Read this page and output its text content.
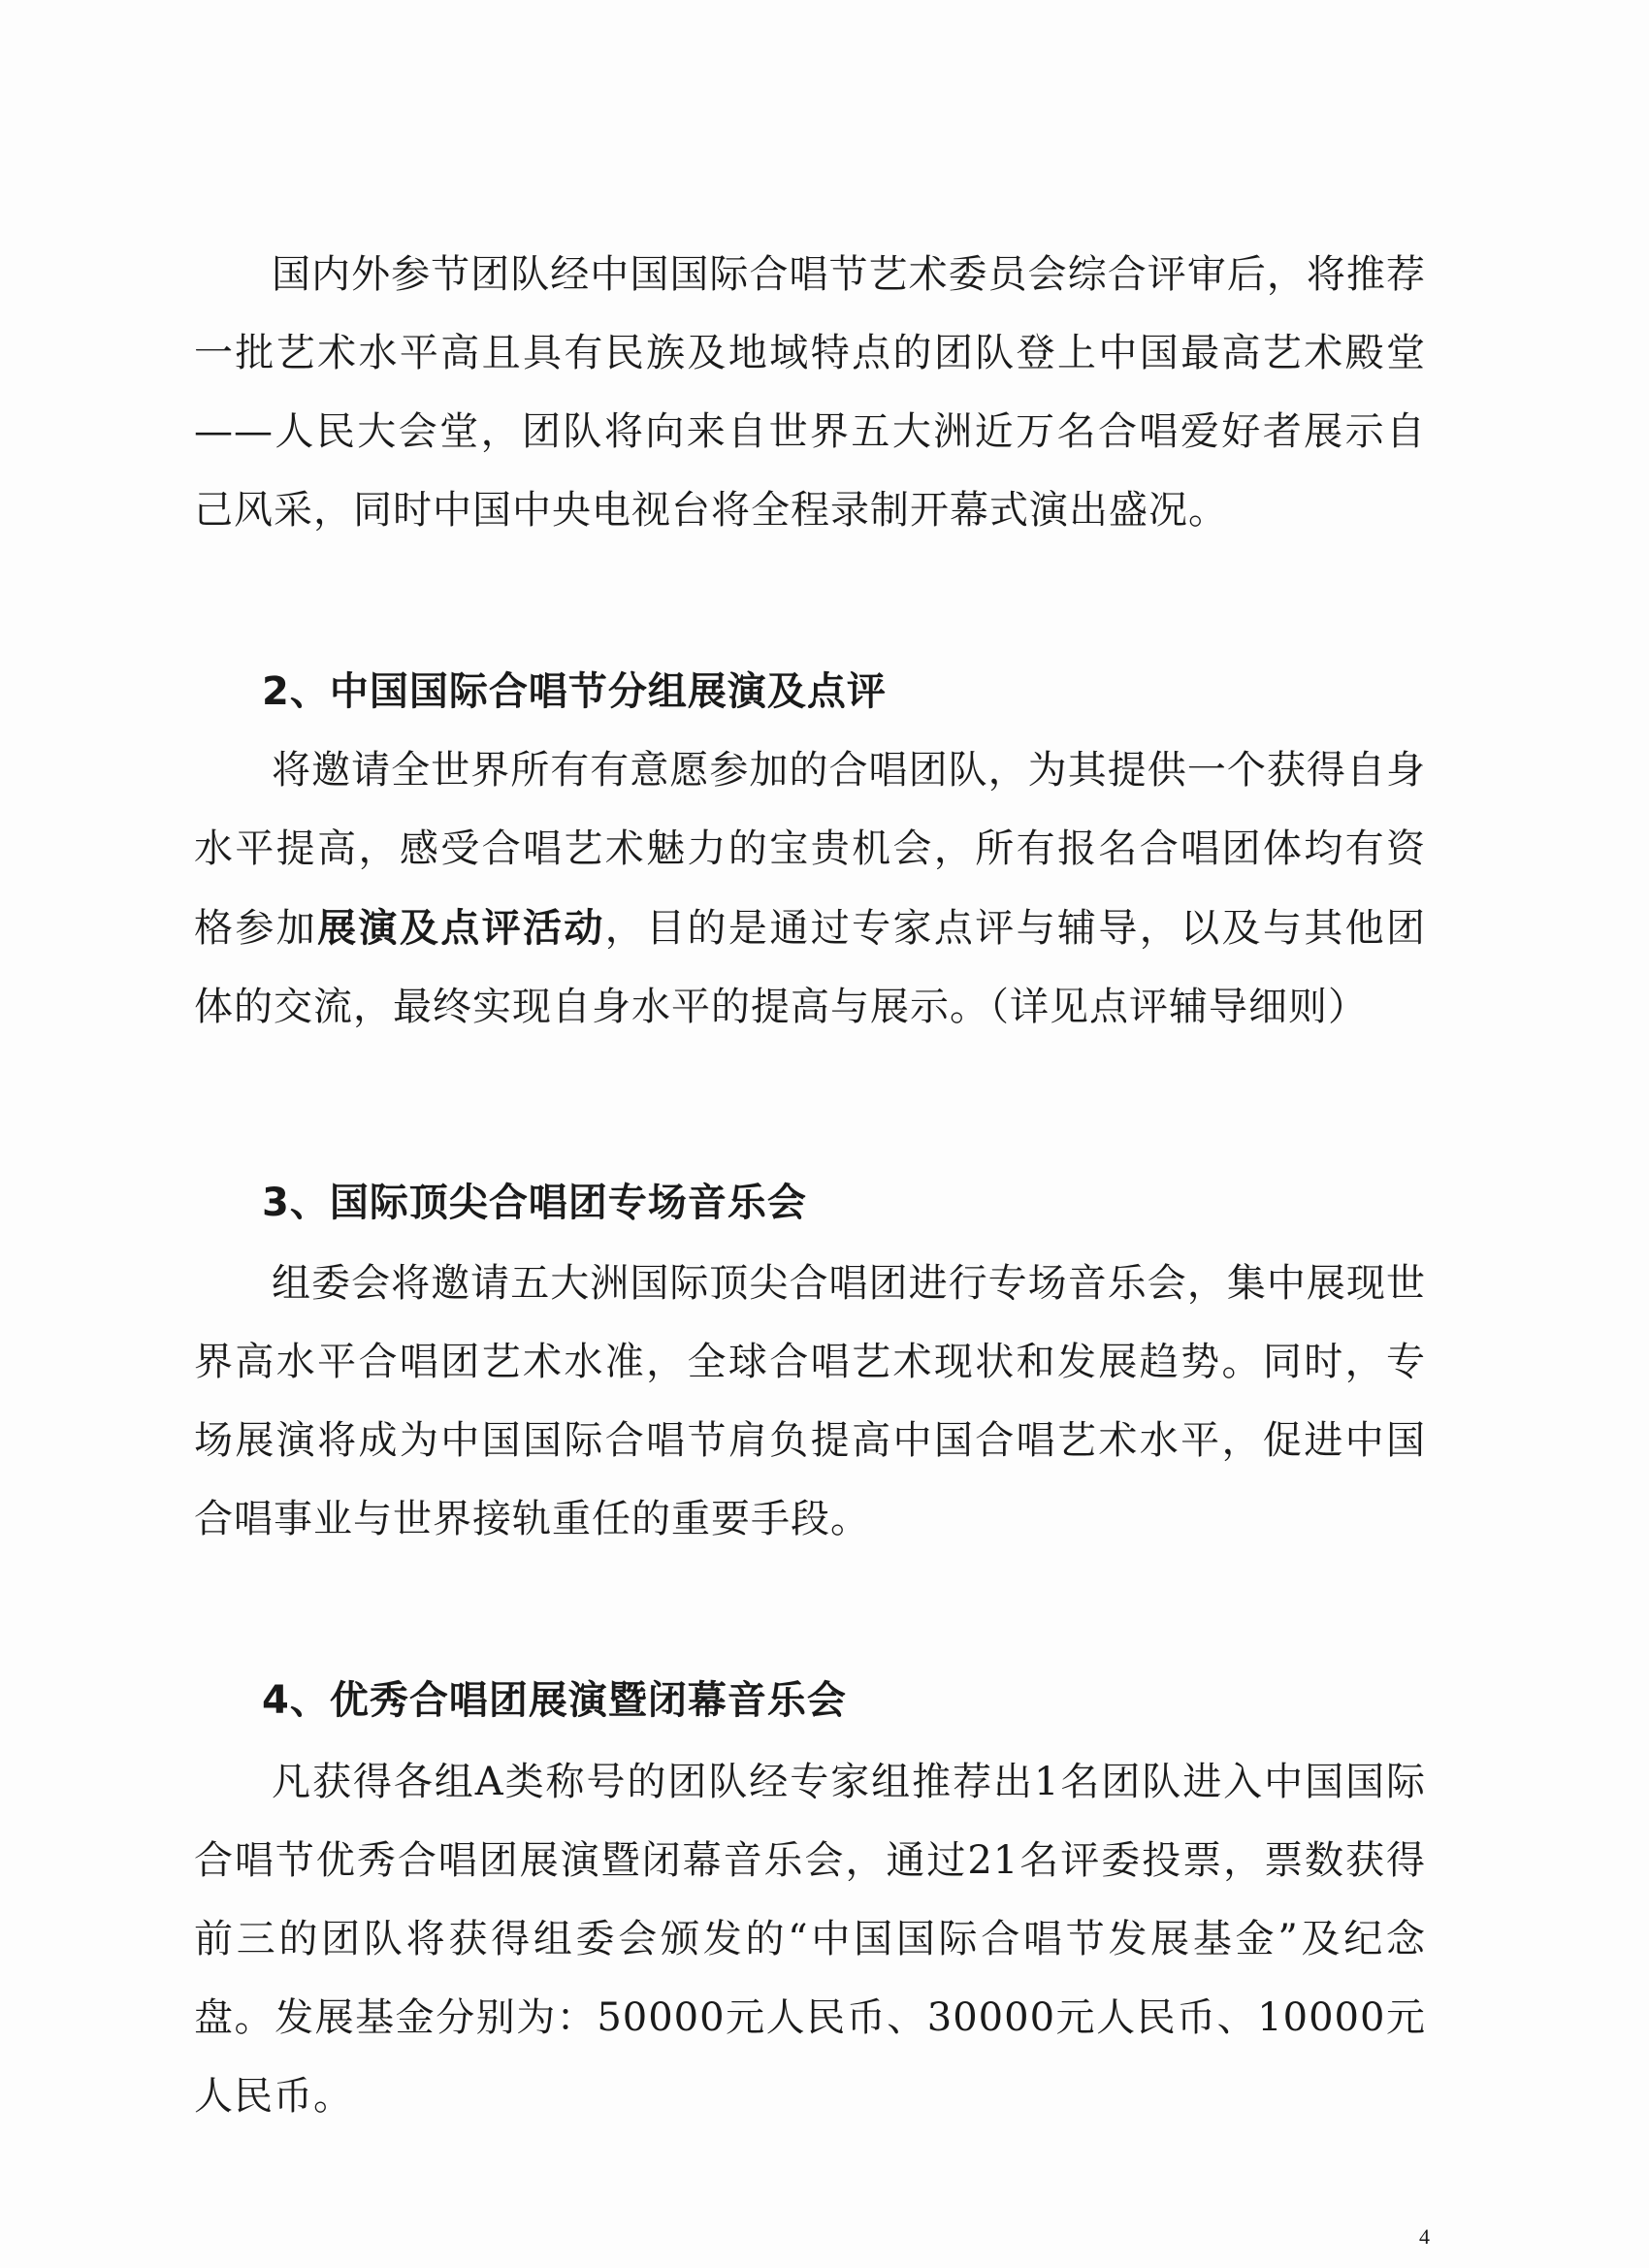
国内外参节团队经中国国际合唱节艺术委员会综合评审后，将推荐一批艺术水平高且具有民族及地域特点的团队登上中国最高艺术殿堂——人民大会堂，团队将向来自世界五大洲近万名合唱爱好者展示自己风采，同时中国中央电视台将全程录制开幕式演出盛况。

2、中国国际合唱节分组展演及点评

将邀请全世界所有有意愿参加的合唱团队，为其提供一个获得自身水平提高，感受合唱艺术魅力的宝贵机会，所有报名合唱团体均有资格参加展演及点评活动，目的是通过专家点评与辅导，以及与其他团体的交流，最终实现自身水平的提高与展示。（详见点评辅导细则）

3、国际顶尖合唱团专场音乐会

组委会将邀请五大洲国际顶尖合唱团进行专场音乐会，集中展现世界高水平合唱团艺术水准，全球合唱艺术现状和发展趋势。同时，专场展演将成为中国国际合唱节肩负提高中国合唱艺术水平，促进中国合唱事业与世界接轨重任的重要手段。

4、优秀合唱团展演暨闭幕音乐会

凡获得各组A类称号的团队经专家组推荐出1名团队进入中国国际合唱节优秀合唱团展演暨闭幕音乐会，通过21名评委投票，票数获得前三的团队将获得组委会颁发的“中国国际合唱节发展基金”及纪念盘。发展基金分别为：50000元人民币、30000元人民币、10000元人民币。

4
